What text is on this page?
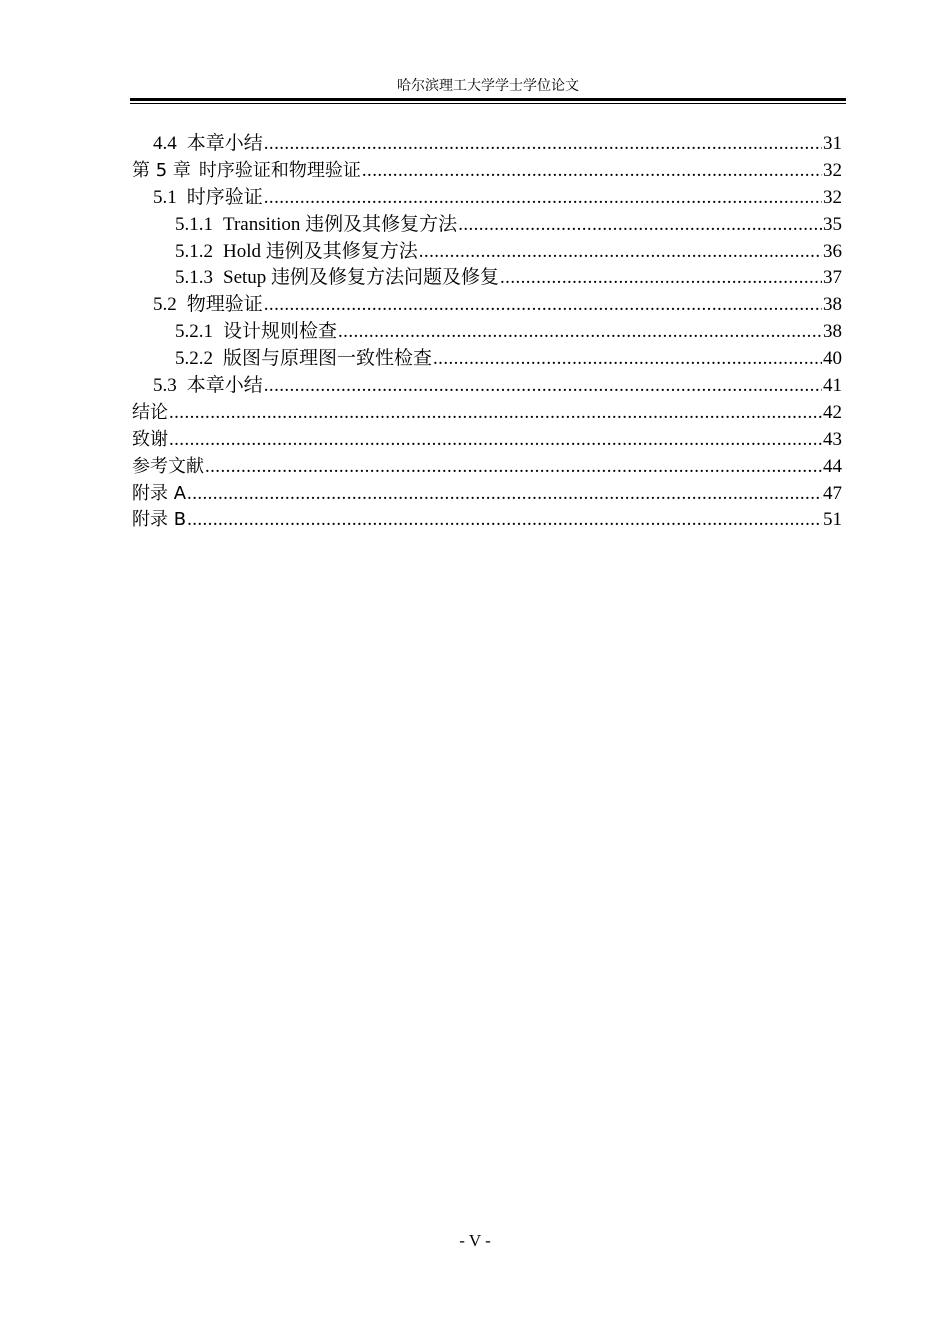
哈尔滨理工大学学士学位论文
4.4 本章小结 .....	31
第 5 章 时序验证和物理验证 .....	32
5.1 时序验证 .....	32
5.1.1 Transition 违例及其修复方法 .....	35
5.1.2 Hold 违例及其修复方法 .....	36
5.1.3 Setup 违例及修复方法问题及修复 .....	37
5.2 物理验证 .....	38
5.2.1 设计规则检查 .....	38
5.2.2 版图与原理图一致性检查 .....	40
5.3 本章小结 .....	41
结论 .....	42
致谢 .....	43
参考文献 .....	44
附录 A .....	47
附录 B .....	51
- V -
